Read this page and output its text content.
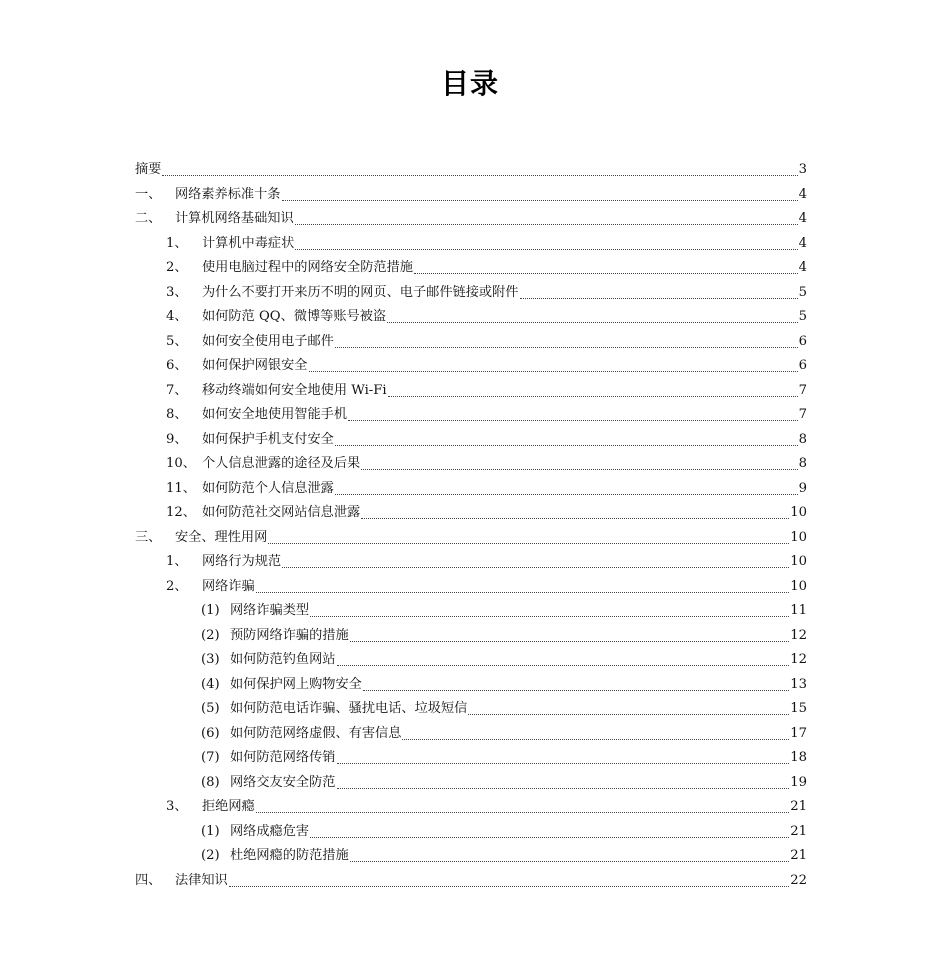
目录
摘要	3
一、	网络素养标准十条	4
二、	计算机网络基础知识	4
1、	计算机中毒症状	4
2、	使用电脑过程中的网络安全防范措施	4
3、	为什么不要打开来历不明的网页、电子邮件链接或附件	5
4、	如何防范 QQ、微博等账号被盗	5
5、	如何安全使用电子邮件	6
6、	如何保护网银安全	6
7、	移动终端如何安全地使用 Wi-Fi	7
8、	如何安全地使用智能手机	7
9、	如何保护手机支付安全	8
10、 个人信息泄露的途径及后果	8
11、 如何防范个人信息泄露	9
12、 如何防范社交网站信息泄露	10
三、	安全、理性用网	10
1、	网络行为规范	10
2、	网络诈骗	10
(1) 网络诈骗类型	11
(2) 预防网络诈骗的措施	12
(3) 如何防范钓鱼网站	12
(4) 如何保护网上购物安全	13
(5) 如何防范电话诈骗、骚扰电话、垃圾短信	15
(6) 如何防范网络虚假、有害信息	17
(7) 如何防范网络传销	18
(8) 网络交友安全防范	19
3、	拒绝网瘾	21
(1) 网络成瘾危害	21
(2) 杜绝网瘾的防范措施	21
四、	法律知识	22
